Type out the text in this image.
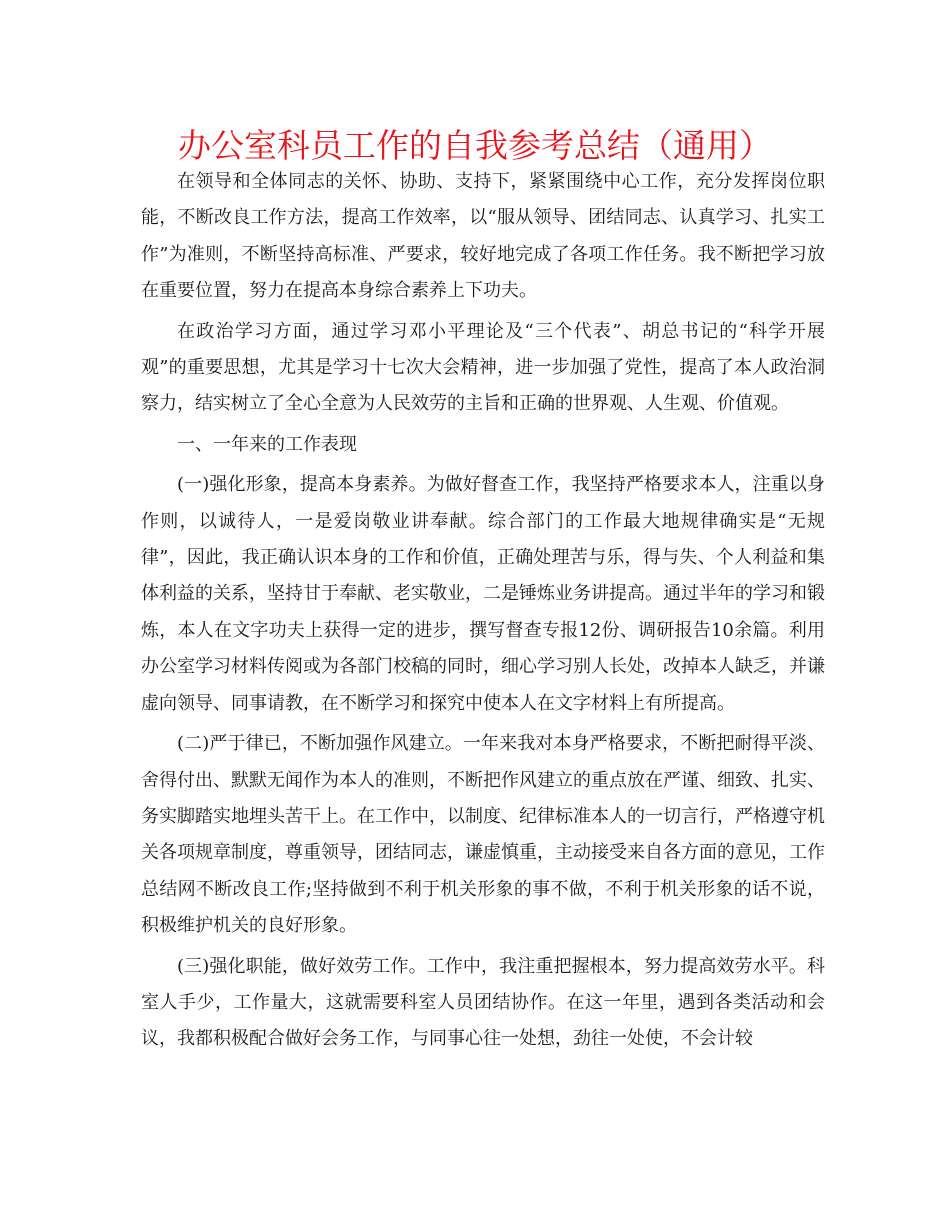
办公室科员工作的自我参考总结（通用）

在领导和全体同志的关怀、协助、支持下，紧紧围绕中心工作，充分发挥岗位职能，不断改良工作方法，提高工作效率，以“服从领导、团结同志、认真学习、扎实工作”为准则，不断坚持高标准、严要求，较好地完成了各项工作任务。我不断把学习放在重要位置，努力在提高本身综合素养上下功夫。

在政治学习方面，通过学习邓小平理论及“三个代表”、胡总书记的“科学开展观”的重要思想，尤其是学习十七次大会精神，进一步加强了党性，提高了本人政治洞察力，结实树立了全心全意为人民效劳的主旨和正确的世界观、人生观、价值观。

一、一年来的工作表现

(一)强化形象，提高本身素养。为做好督查工作，我坚持严格要求本人，注重以身作则，以诚待人，一是爱岗敬业讲奉献。综合部门的工作最大地规律确实是“无规律”，因此，我正确认识本身的工作和价值，正确处理苦与乐，得与失、个人利益和集体利益的关系，坚持甘于奉献、老实敬业，二是锤炼业务讲提高。通过半年的学习和锻炼，本人在文字功夫上获得一定的进步，撰写督查专报12份、调研报告10余篇。利用办公室学习材料传阅或为各部门校稿的同时，细心学习别人长处，改掉本人缺乏，并谦虚向领导、同事请教，在不断学习和探究中使本人在文字材料上有所提高。

(二)严于律已，不断加强作风建立。一年来我对本身严格要求，不断把耐得平淡、舍得付出、默默无闻作为本人的准则，不断把作风建立的重点放在严谨、细致、扎实、务实脚踏实地埋头苦干上。在工作中，以制度、纪律标准本人的一切言行，严格遵守机关各项规章制度，尊重领导，团结同志，谦虚慎重，主动接受来自各方面的意见，工作总结网不断改良工作;坚持做到不利于机关形象的事不做，不利于机关形象的话不说，积极维护机关的良好形象。

(三)强化职能，做好效劳工作。工作中，我注重把握根本，努力提高效劳水平。科室人手少，工作量大，这就需要科室人员团结协作。在这一年里，遇到各类活动和会议，我都积极配合做好会务工作，与同事心往一处想，劲往一处使，不会计较
